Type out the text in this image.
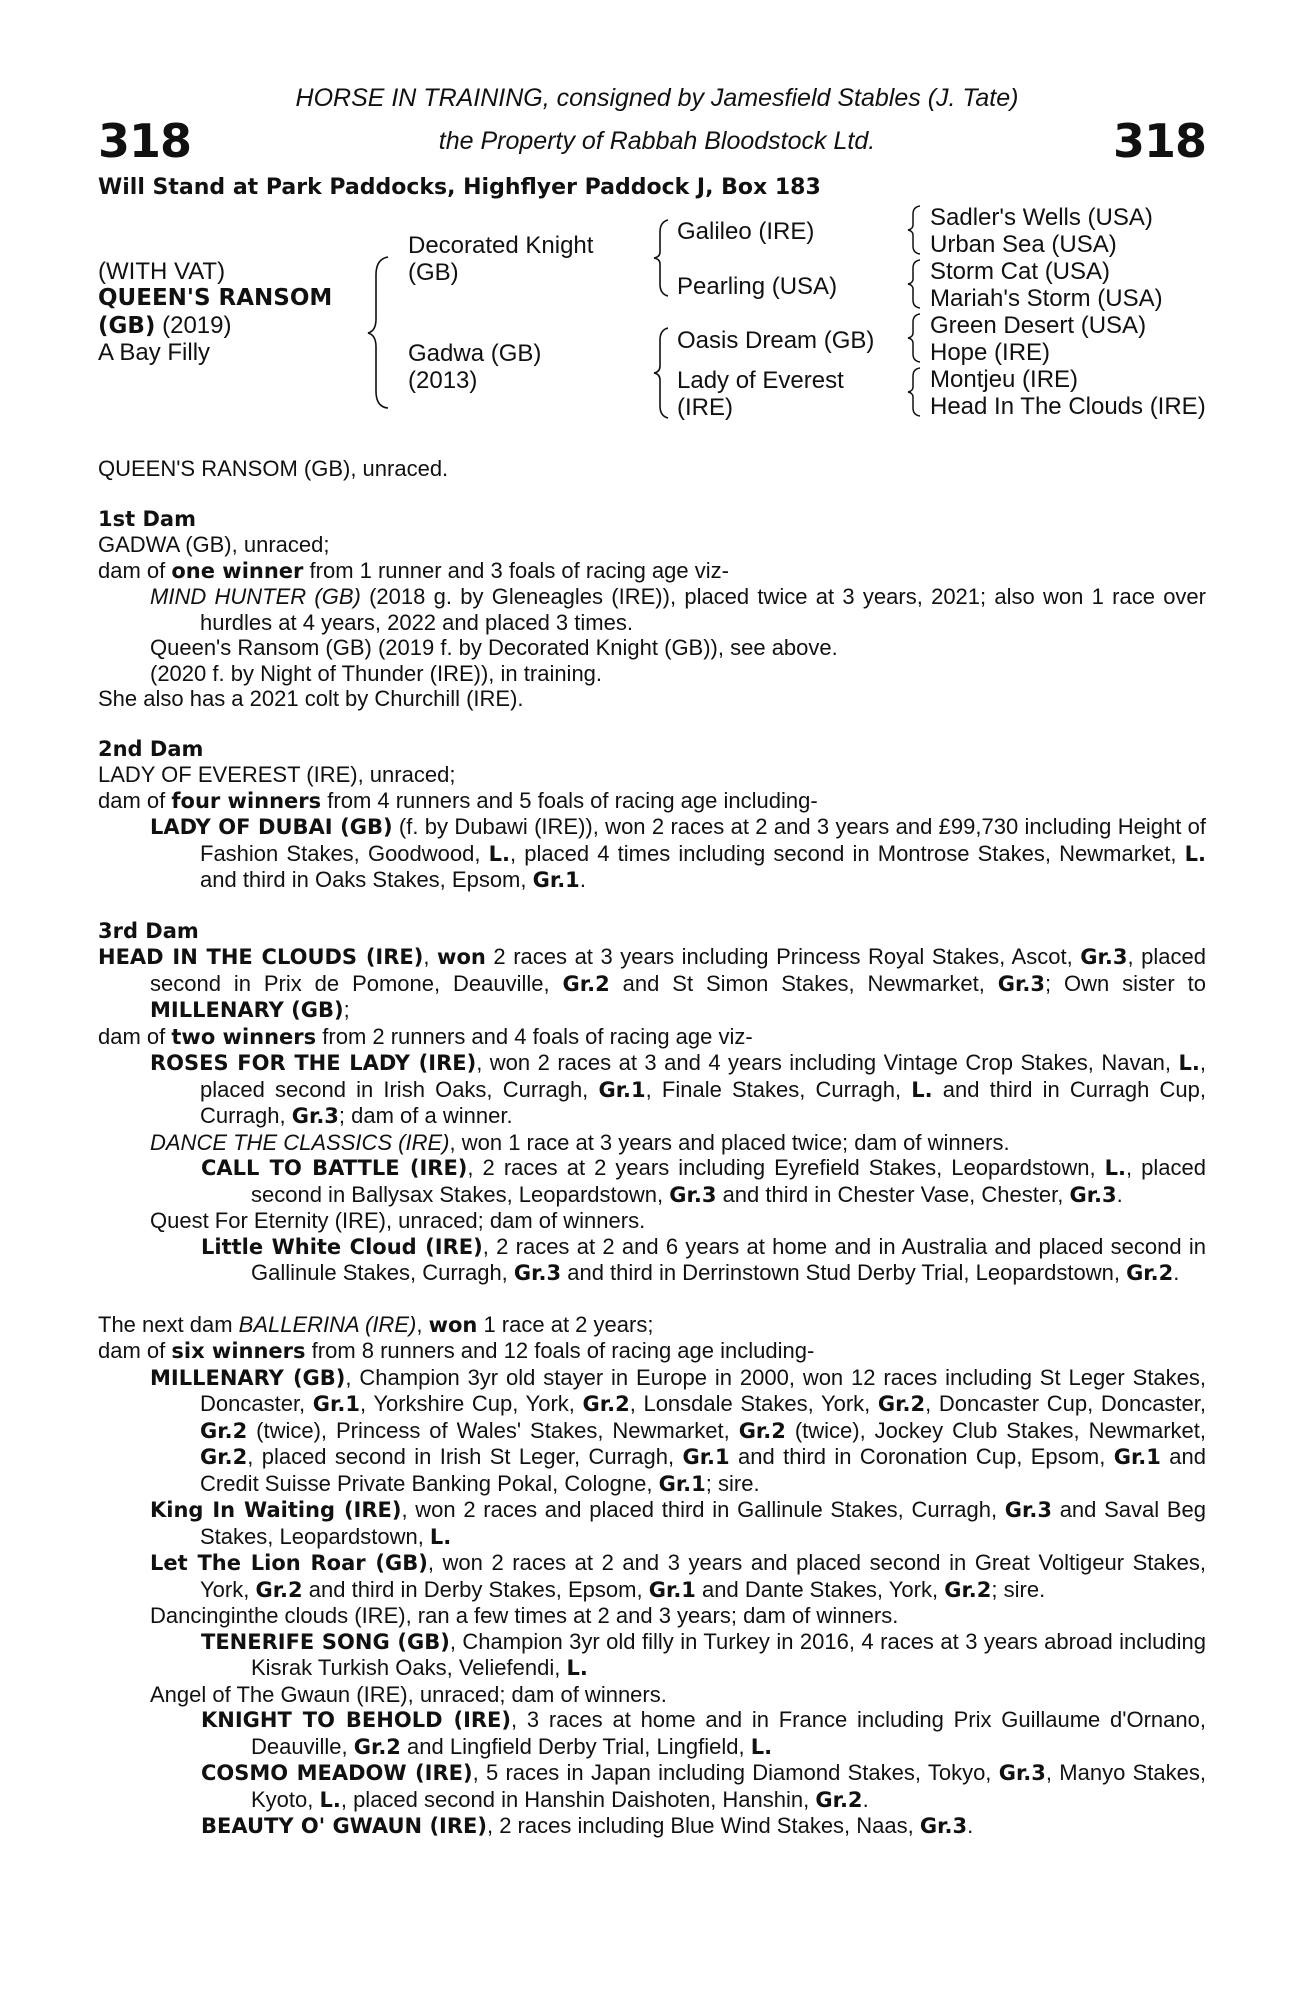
318	318
HORSE IN TRAINING, consigned by Jamesfield Stables (J. Tate)
the Property of Rabbah Bloodstock Ltd.
Will Stand at Park Paddocks, Highflyer Paddock J, Box 183
(WITH VAT)
QUEEN'S RANSOM
(GB) (2019)
A Bay Filly
Decorated Knight
(GB)
Gadwa (GB)
(2013)
Galileo (IRE)
Pearling (USA)
Oasis Dream (GB)
Lady of Everest
(IRE)
Sadler's Wells (USA)
Urban Sea (USA)
Storm Cat (USA)
Mariah's Storm (USA)
Green Desert (USA)
Hope (IRE)
Montjeu (IRE)
Head In The Clouds (IRE)

QUEEN'S RANSOM (GB), unraced.

1st Dam

GADWA (GB), unraced;

dam of one winner from 1 runner and 3 foals of racing age viz-

MIND HUNTER (GB) (2018 g. by Gleneagles (IRE)), placed twice at 3 years, 2021; also won 1 race over hurdles at 4 years, 2022 and placed 3 times.

Queen's Ransom (GB) (2019 f. by Decorated Knight (GB)), see above.

(2020 f. by Night of Thunder (IRE)), in training.

She also has a 2021 colt by Churchill (IRE).

2nd Dam

LADY OF EVEREST (IRE), unraced;

dam of four winners from 4 runners and 5 foals of racing age including-

LADY OF DUBAI (GB) (f. by Dubawi (IRE)), won 2 races at 2 and 3 years and £99,730 including Height of Fashion Stakes, Goodwood, L., placed 4 times including second in Montrose Stakes, Newmarket, L. and third in Oaks Stakes, Epsom, Gr.1.

3rd Dam

HEAD IN THE CLOUDS (IRE), won 2 races at 3 years including Princess Royal Stakes, Ascot, Gr.3, placed second in Prix de Pomone, Deauville, Gr.2 and St Simon Stakes, Newmarket, Gr.3; Own sister to MILLENARY (GB);

dam of two winners from 2 runners and 4 foals of racing age viz-

ROSES FOR THE LADY (IRE), won 2 races at 3 and 4 years including Vintage Crop Stakes, Navan, L., placed second in Irish Oaks, Curragh, Gr.1, Finale Stakes, Curragh, L. and third in Curragh Cup, Curragh, Gr.3; dam of a winner.

DANCE THE CLASSICS (IRE), won 1 race at 3 years and placed twice; dam of winners.

CALL TO BATTLE (IRE), 2 races at 2 years including Eyrefield Stakes, Leopardstown, L., placed second in Ballysax Stakes, Leopardstown, Gr.3 and third in Chester Vase, Chester, Gr.3.

Quest For Eternity (IRE), unraced; dam of winners.

Little White Cloud (IRE), 2 races at 2 and 6 years at home and in Australia and placed second in Gallinule Stakes, Curragh, Gr.3 and third in Derrinstown Stud Derby Trial, Leopardstown, Gr.2.

The next dam BALLERINA (IRE), won 1 race at 2 years;

dam of six winners from 8 runners and 12 foals of racing age including-

MILLENARY (GB), Champion 3yr old stayer in Europe in 2000, won 12 races including St Leger Stakes, Doncaster, Gr.1, Yorkshire Cup, York, Gr.2, Lonsdale Stakes, York, Gr.2, Doncaster Cup, Doncaster, Gr.2 (twice), Princess of Wales' Stakes, Newmarket, Gr.2 (twice), Jockey Club Stakes, Newmarket, Gr.2, placed second in Irish St Leger, Curragh, Gr.1 and third in Coronation Cup, Epsom, Gr.1 and Credit Suisse Private Banking Pokal, Cologne, Gr.1; sire.

King In Waiting (IRE), won 2 races and placed third in Gallinule Stakes, Curragh, Gr.3 and Saval Beg Stakes, Leopardstown, L.

Let The Lion Roar (GB), won 2 races at 2 and 3 years and placed second in Great Voltigeur Stakes, York, Gr.2 and third in Derby Stakes, Epsom, Gr.1 and Dante Stakes, York, Gr.2; sire.

Dancinginthe clouds (IRE), ran a few times at 2 and 3 years; dam of winners.

TENERIFE SONG (GB), Champion 3yr old filly in Turkey in 2016, 4 races at 3 years abroad including Kisrak Turkish Oaks, Veliefendi, L.

Angel of The Gwaun (IRE), unraced; dam of winners.

KNIGHT TO BEHOLD (IRE), 3 races at home and in France including Prix Guillaume d'Ornano, Deauville, Gr.2 and Lingfield Derby Trial, Lingfield, L.

COSMO MEADOW (IRE), 5 races in Japan including Diamond Stakes, Tokyo, Gr.3, Manyo Stakes, Kyoto, L., placed second in Hanshin Daishoten, Hanshin, Gr.2.

BEAUTY O' GWAUN (IRE), 2 races including Blue Wind Stakes, Naas, Gr.3.
